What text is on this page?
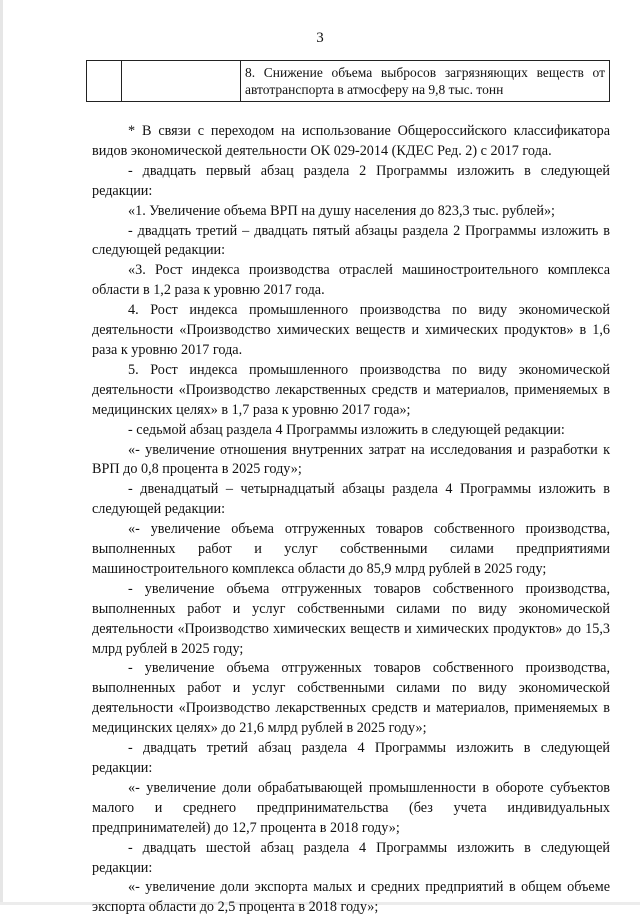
3
		8. Снижение объема выбросов загрязняющих веществ от автотранспорта в атмосферу на 9,8 тыс. тонн

* В связи с переходом на использование Общероссийского классификатора видов экономической деятельности ОК 029-2014 (КДЕС Ред. 2) с 2017 года.

- двадцать первый абзац раздела 2 Программы изложить в следующей редакции:

«1. Увеличение объема ВРП на душу населения до 823,3 тыс. рублей»;

- двадцать третий – двадцать пятый абзацы раздела 2 Программы изложить в следующей редакции:

«3. Рост индекса производства отраслей машиностроительного комплекса области в 1,2 раза к уровню 2017 года.

4. Рост индекса промышленного производства по виду экономической деятельности «Производство химических веществ и химических продуктов» в 1,6 раза к уровню 2017 года.

5. Рост индекса промышленного производства по виду экономической деятельности «Производство лекарственных средств и материалов, применяемых в медицинских целях» в 1,7 раза к уровню 2017 года»;

- седьмой абзац раздела 4 Программы изложить в следующей редакции:

«- увеличение отношения внутренних затрат на исследования и разработки к ВРП до 0,8 процента в 2025 году»;

- двенадцатый – четырнадцатый абзацы раздела 4 Программы изложить в следующей редакции:

«- увеличение объема отгруженных товаров собственного производства, выполненных работ и услуг собственными силами предприятиями машиностроительного комплекса области до 85,9 млрд рублей в 2025 году;

- увеличение объема отгруженных товаров собственного производства, выполненных работ и услуг собственными силами по виду экономической деятельности «Производство химических веществ и химических продуктов» до 15,3 млрд рублей в 2025 году;

- увеличение объема отгруженных товаров собственного производства, выполненных работ и услуг собственными силами по виду экономической деятельности «Производство лекарственных средств и материалов, применяемых в медицинских целях» до 21,6 млрд рублей в 2025 году»;

- двадцать третий абзац раздела 4 Программы изложить в следующей редакции:

«- увеличение доли обрабатывающей промышленности в обороте субъектов малого и среднего предпринимательства (без учета индивидуальных предпринимателей) до 12,7 процента в 2018 году»;

- двадцать шестой абзац раздела 4 Программы изложить в следующей редакции:

«- увеличение доли экспорта малых и средних предприятий в общем объеме экспорта области до 2,5 процента в 2018 году»;
